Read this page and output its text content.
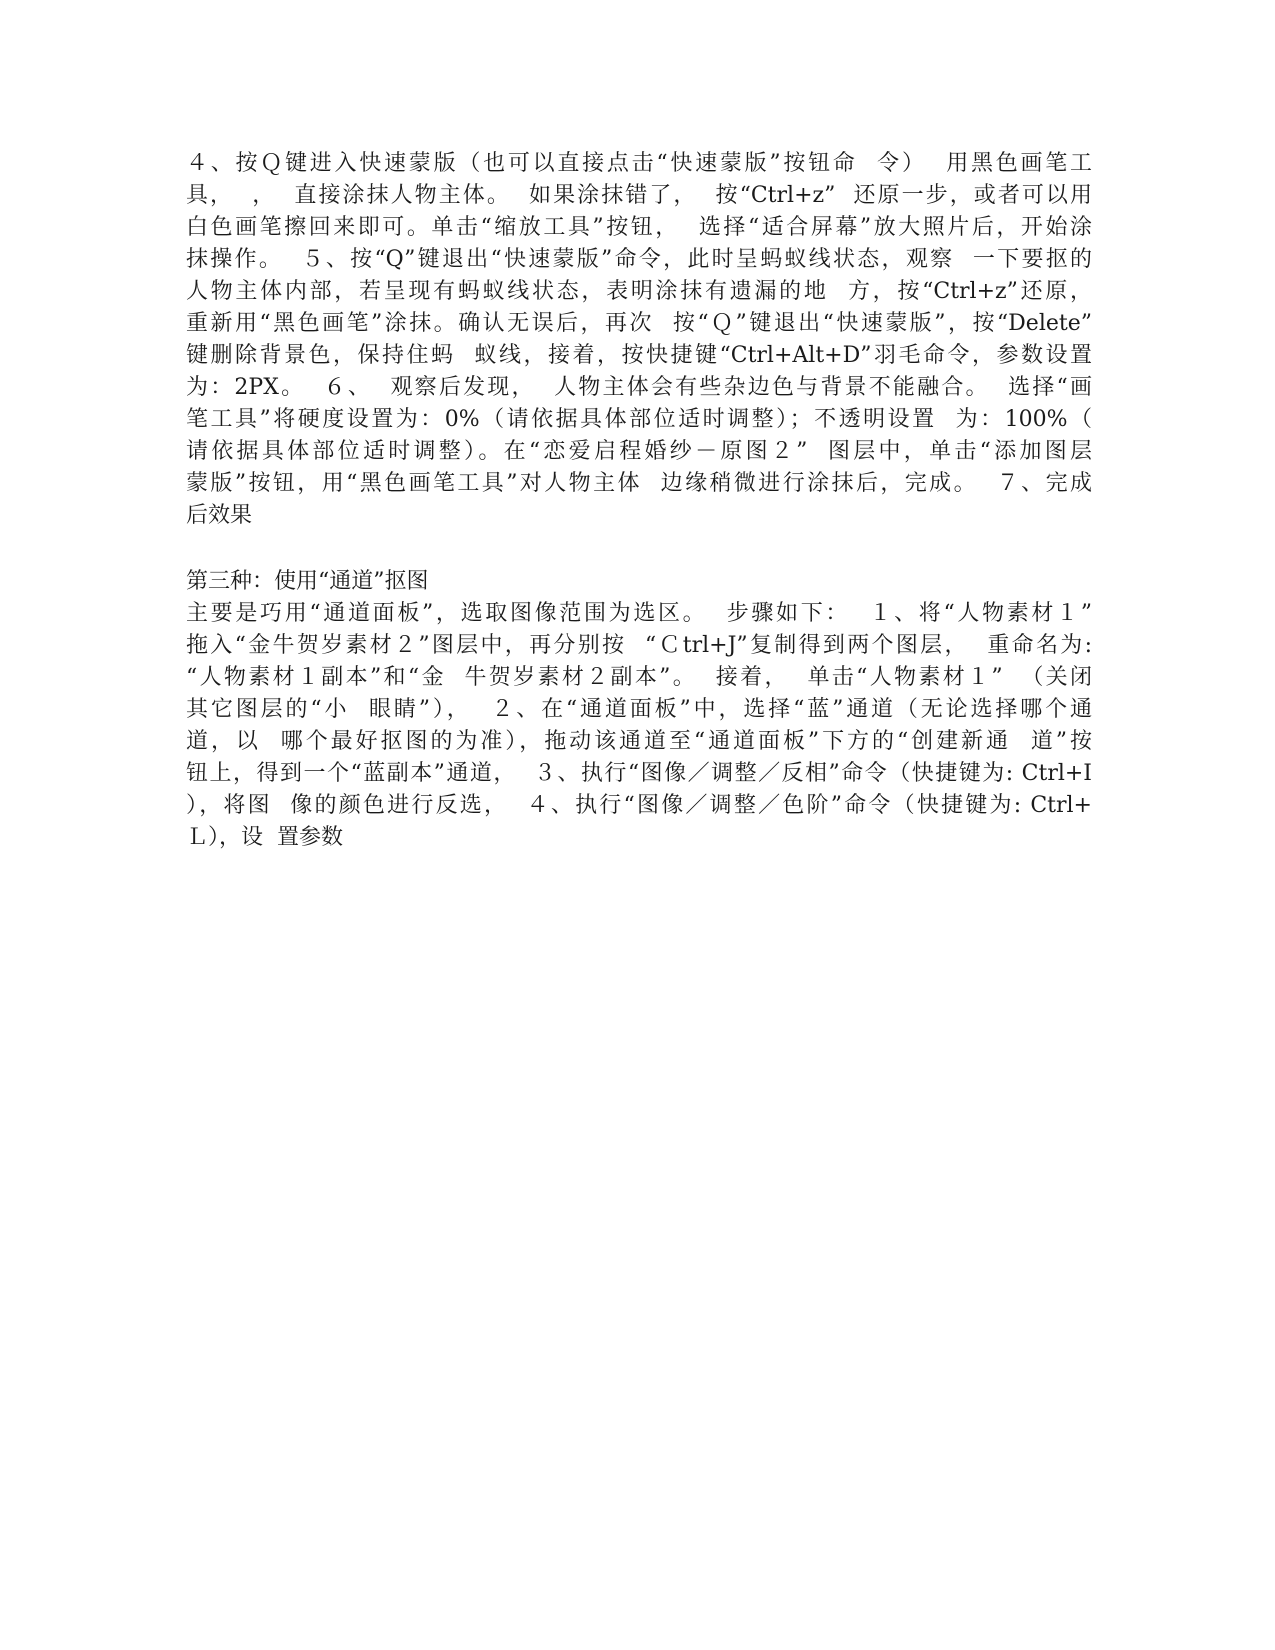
４、按Ｑ键进入快速蒙版（也可以直接点击“快速蒙版”按钮命  令）  用黑色画笔工
具，  ，  直接涂抹人物主体。  如果涂抹错了，  按“Ctrl+z”  还原一步，或者可以用
白色画笔擦回来即可。单击“缩放工具”按钮，  选择“适合屏幕”放大照片后，开始涂
抹操作。  ５、按“Q”键退出“快速蒙版”命令，此时呈蚂蚁线状态，观察  一下要抠的
人物主体内部，若呈现有蚂蚁线状态，表明涂抹有遗漏的地  方，按“Ctrl+z”还原，
重新用“黑色画笔”涂抹。确认无误后，再次  按“Ｑ”键退出“快速蒙版”，按“Delete”
键删除背景色，保持住蚂  蚁线，接着，按快捷键“Ctrl+Alt+D”羽毛命令，参数设置
为：2PX。  ６、  观察后发现，  人物主体会有些杂边色与背景不能融合。  选择“画
笔工具”将硬度设置为：0%（请依据具体部位适时调整）；不透明设置  为：100%（
请依据具体部位适时调整）。在“恋爱启程婚纱－原图２”  图层中，单击“添加图层
蒙版”按钮，用“黑色画笔工具”对人物主体  边缘稍微进行涂抹后，完成。  ７、完成
后效果
第三种：使用“通道”抠图
主要是巧用“通道面板”，选取图像范围为选区。  步骤如下：  １、将“人物素材１”
拖入“金牛贺岁素材２”图层中，再分别按  “Ｃtrl+J”复制得到两个图层，  重命名为:
“人物素材１副本”和“金  牛贺岁素材２副本”。  接着，  单击“人物素材１”  （关闭
其它图层的“小  眼睛”），  ２、在“通道面板”中，选择“蓝”通道（无论选择哪个通
道，以  哪个最好抠图的为准），拖动该通道至“通道面板”下方的“创建新通  道”按
钮上，得到一个“蓝副本”通道，  ３、执行“图像／调整／反相”命令（快捷键为: Ctrl+I
），将图  像的颜色进行反选，  ４、执行“图像／调整／色阶”命令（快捷键为: Ctrl+
Ｌ），设  置参数
